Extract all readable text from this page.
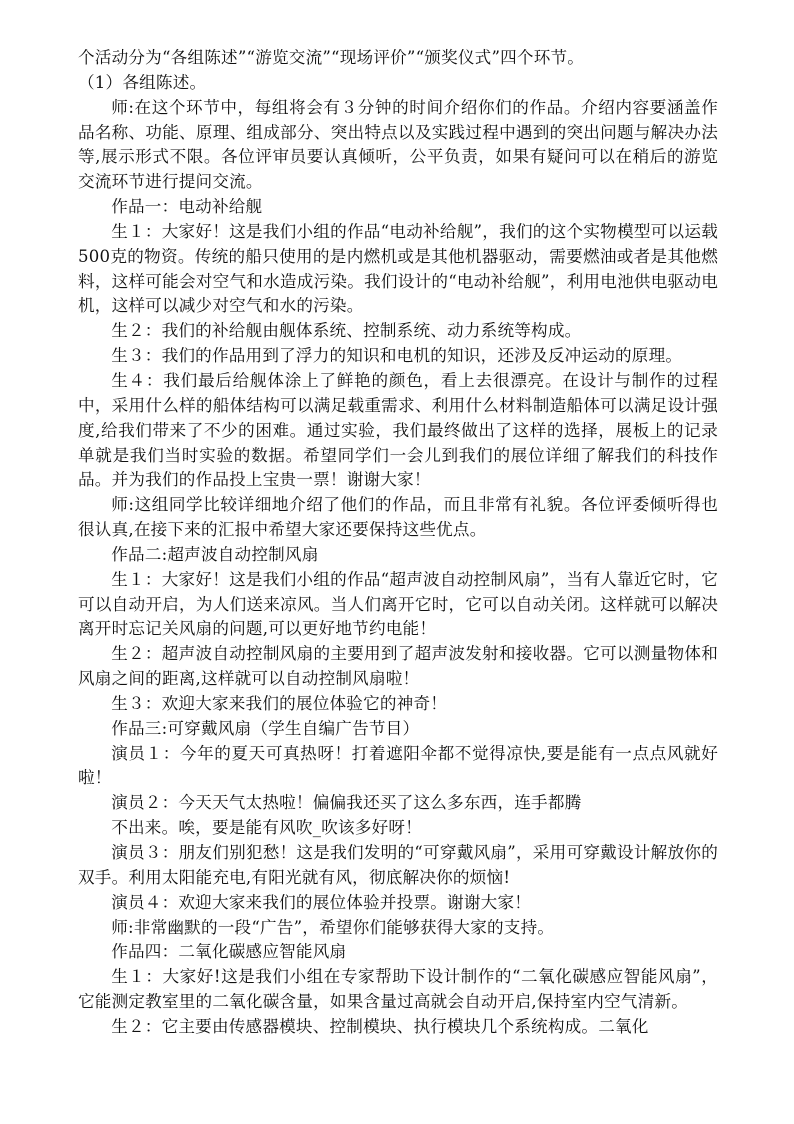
个活动分为“各组陈述”“游览交流”“现场评价”“颁奖仪式”四个环节。

（1）各组陈述。

师:在这个环节中，每组将会有３分钟的时间介绍你们的作品。介绍内容要涵盖作品名称、功能、原理、组成部分、突出特点以及实践过程中遇到的突出问题与解决办法等,展示形式不限。各位评审员要认真倾听，公平负责，如果有疑问可以在稍后的游览交流环节进行提问交流。

作品一：电动补给舰

生１：大家好！这是我们小组的作品“电动补给舰”，我们的这个实物模型可以运载500克的物资。传统的船只使用的是内燃机或是其他机器驱动，需要燃油或者是其他燃料，这样可能会对空气和水造成污染。我们设计的“电动补给舰”，利用电池供电驱动电机，这样可以减少对空气和水的污染。

生２：我们的补给舰由舰体系统、控制系统、动力系统等构成。

生３：我们的作品用到了浮力的知识和电机的知识，还涉及反冲运动的原理。

生４：我们最后给舰体涂上了鲜艳的颜色，看上去很漂亮。在设计与制作的过程中，采用什么样的船体结构可以满足载重需求、利用什么材料制造船体可以满足设计强度,给我们带来了不少的困难。通过实验，我们最终做出了这样的选择，展板上的记录单就是我们当时实验的数据。希望同学们一会儿到我们的展位详细了解我们的科技作品。并为我们的作品投上宝贵一票！谢谢大家！

师:这组同学比较详细地介绍了他们的作品，而且非常有礼貌。各位评委倾听得也很认真,在接下来的汇报中希望大家还要保持这些优点。

作品二:超声波自动控制风扇

生１：大家好！这是我们小组的作品“超声波自动控制风扇”，当有人靠近它时，它可以自动开启，为人们送来凉风。当人们离开它时，它可以自动关闭。这样就可以解决离开时忘记关风扇的问题,可以更好地节约电能！

生２：超声波自动控制风扇的主要用到了超声波发射和接收器。它可以测量物体和风扇之间的距离,这样就可以自动控制风扇啦！

生３：欢迎大家来我们的展位体验它的神奇！

作品三:可穿戴风扇（学生自编广告节目）

演员１：今年的夏天可真热呀！打着遮阳伞都不觉得凉快,要是能有一点点风就好啦！

演员２：今天天气太热啦！偏偏我还买了这么多东西，连手都腾

不出来。唉，要是能有风吹_吹该多好呀！

演员３：朋友们别犯愁！这是我们发明的“可穿戴风扇”，采用可穿戴设计解放你的双手。利用太阳能充电,有阳光就有风，彻底解决你的烦恼!

演员４：欢迎大家来我们的展位体验并投票。谢谢大家！

师:非常幽默的一段“广告”，希望你们能够获得大家的支持。

作品四：二氧化碳感应智能风扇

生１：大家好!这是我们小组在专家帮助下设计制作的“二氧化碳感应智能风扇”，它能测定教室里的二氧化碳含量，如果含量过高就会自动开启,保持室内空气清新。

生２：它主要由传感器模块、控制模块、执行模块几个系统构成。二氧化
